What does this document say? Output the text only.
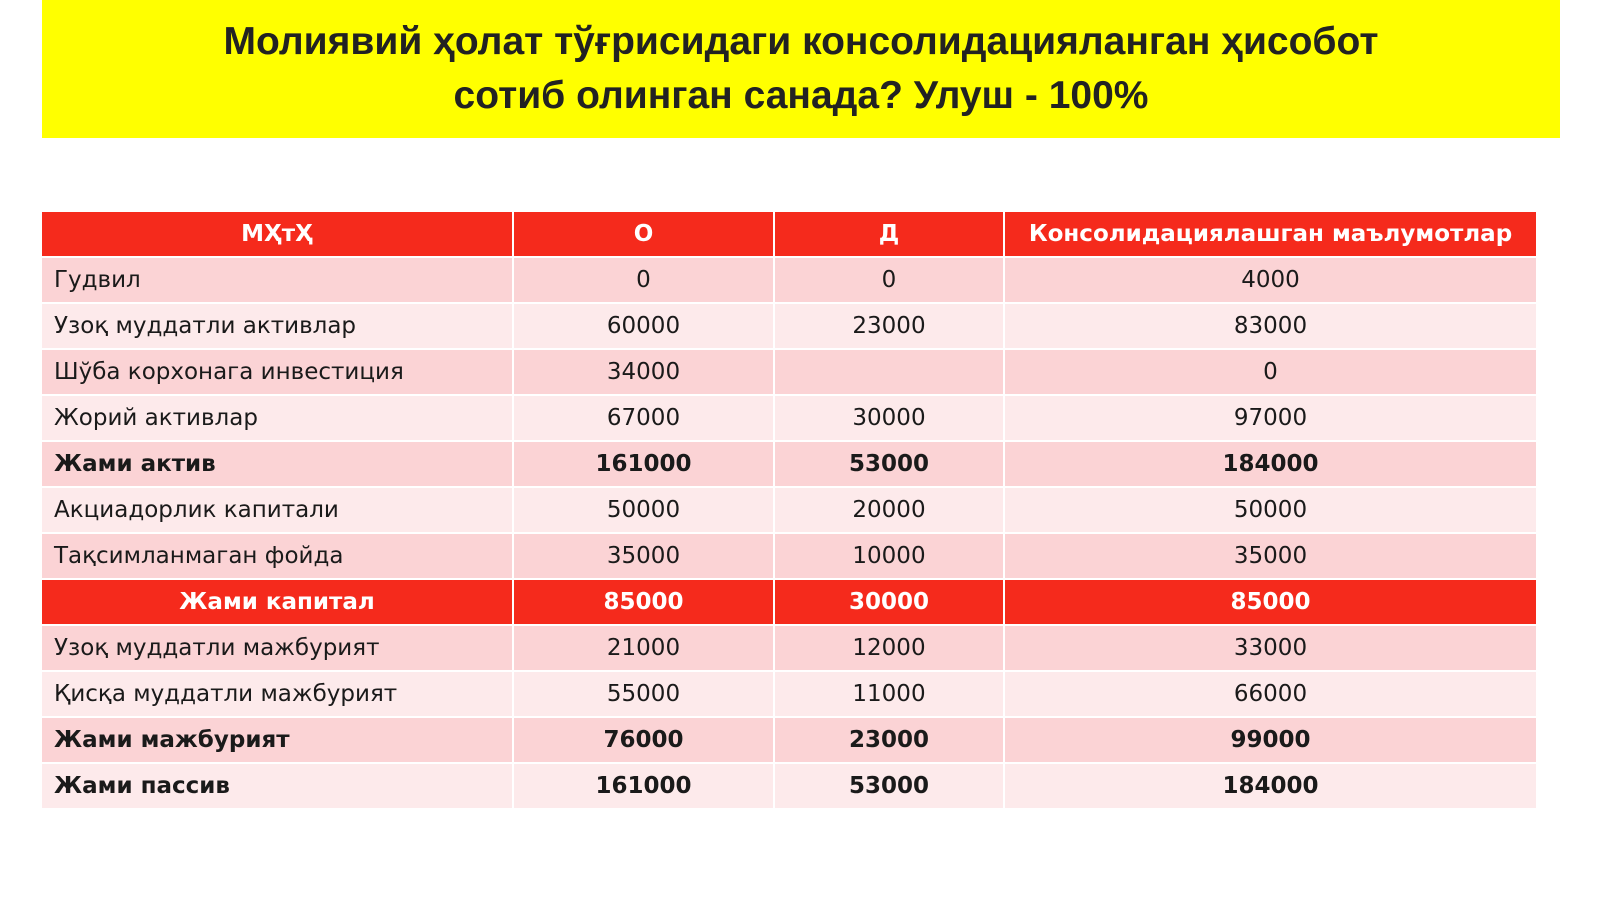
Молиявий ҳолат тўғрисидаги консолидацияланган ҳисобот
сотиб олинган санада? Улуш - 100%
МҲтҲ	О	Д	Консолидациялашган маълумотлар
Гудвил	0	0	4000
Узоқ муддатли активлар	60000	23000	83000
Шўба корхонага инвестиция	34000		0
Жорий активлар	67000	30000	97000
Жами актив	161000	53000	184000
Акциадорлик капитали	50000	20000	50000
Тақсимланмаган фойда	35000	10000	35000
Жами капитал	85000	30000	85000
Узоқ муддатли мажбурият	21000	12000	33000
Қисқа муддатли мажбурият	55000	11000	66000
Жами мажбурият	76000	23000	99000
Жами пассив	161000	53000	184000
